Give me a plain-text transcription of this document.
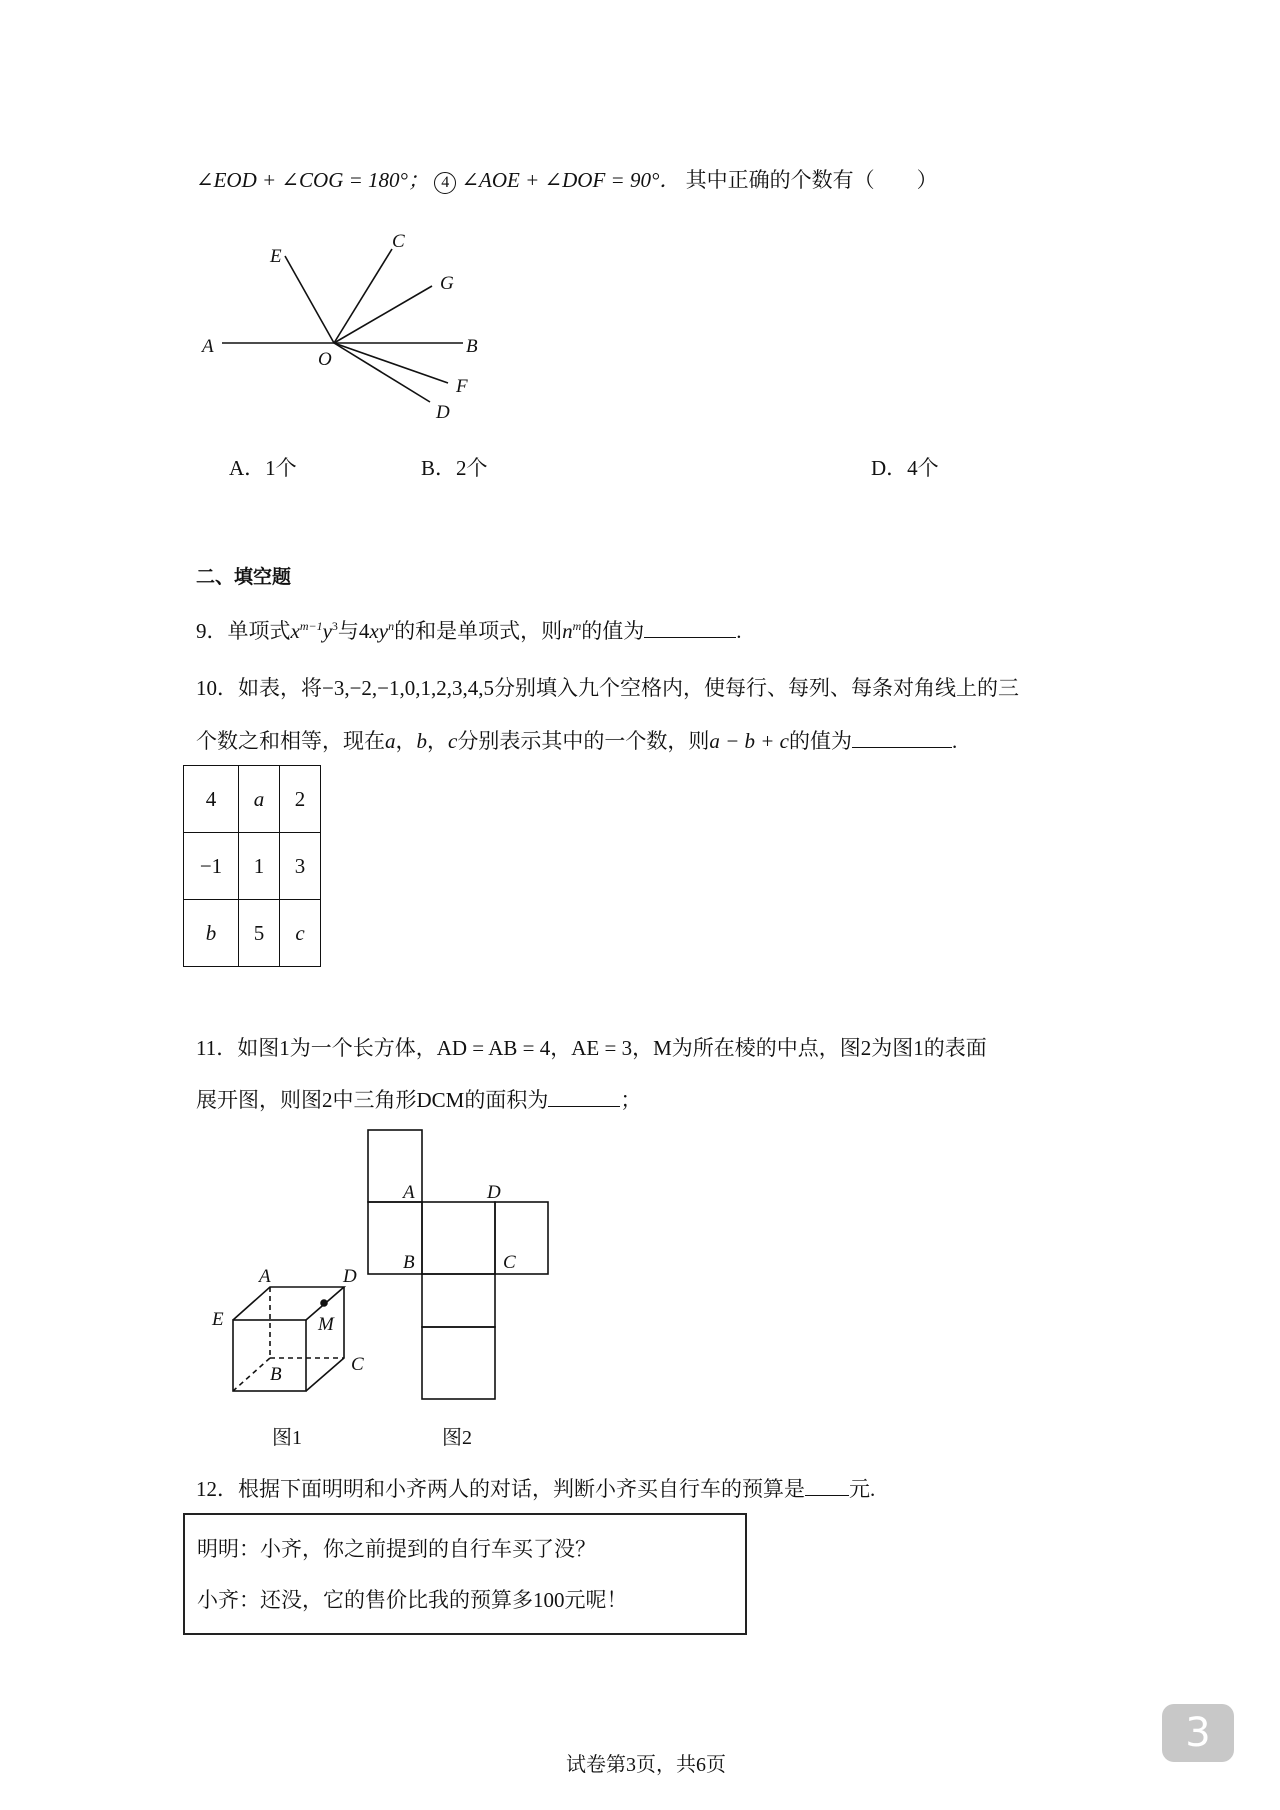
∠EOD + ∠COG = 180°； 4 ∠AOE + ∠DOF = 90°． 其中正确的个数有（　　）
A	B
C
D
E
F
G
O
A	D
E	M
B	C
A	D
B	C
图1	图2
A．1个	B．2个	D．4个
二、填空题
9．单项式$x^{m-1}y^3$与$4xy^n$的和是单项式，则$n^m$的值为	.
10．如表，将−3,−2,−1,0,1,2,3,4,5分别填入九个空格内，使每行、每列、每条对角线上的三
个数之和相等，现在a，b，c分别表示其中的一个数，则a − b + c的值为	.
4	a	2
−1	1	3
b	5	c
11．如图1为一个长方体，AD = AB = 4，AE = 3，M为所在棱的中点，图2为图1的表面
展开图，则图2中三角形DCM的面积为	；
12．根据下面明明和小齐两人的对话，判断小齐买自行车的预算是 元.
明明：小齐，你之前提到的自行车买了没？
小齐：还没，它的售价比我的预算多100元呢！
试卷第3页，共6页
3
